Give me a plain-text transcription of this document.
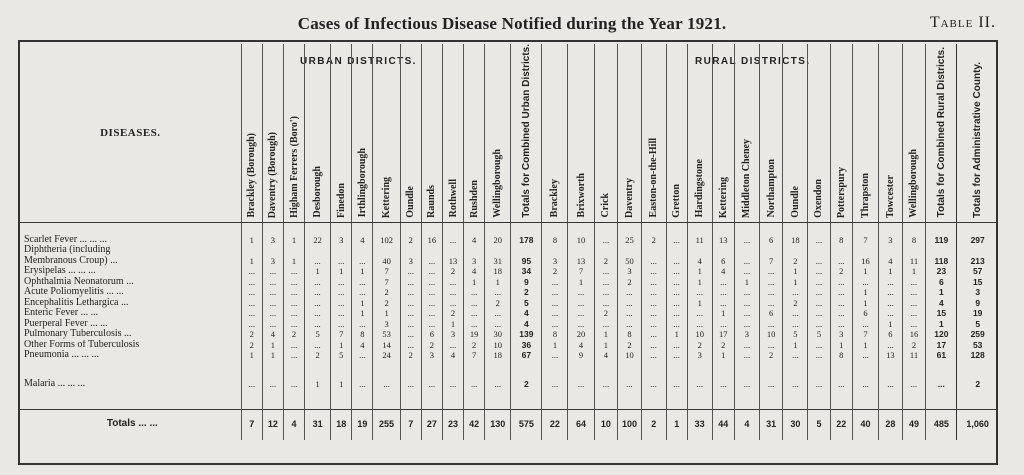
Cases of Infectious Disease Notified during the Year 1921.	Table II.
URBAN DISTRICTS.	RURAL DISTRICTS.
DISEASES.	Brackley (Borough)	Daventry (Borough)	Higham Ferrers (Boro')	Desborough	Finedon	Irthlingborough	Kettering	Oundle	Raunds	Rothwell	Rushden	Wellingborough	Totals for Combined Urban Districts.	Brackley	Brixworth	Crick	Daventry	Easton-on-the-Hill	Gretton	Hardingstone	Kettering	Middleton Cheney	Northampton	Oundle	Oxendon	Potterspury	Thrapston	Towcester	Wellingborough	Totals for Combined Rural Districts.	Totals for Administrative County.

Scarlet Fever ... ... ...	1	3	1	22	3	4	102	2	16	...	4	20	178	8	10	...	25	2	...	11	13	...	6	18	...	8	7	3	8	119	297
Diphtheria (including																															
Membranous Croup) ...	1	3	1	...	...	...	40	3	...	13	3	31	95	3	13	2	50	...	...	4	6	...	7	2	...	...	16	4	11	118	213
Erysipelas ... ... ...	...	...	...	1	1	1	7	...	...	2	4	18	34	2	7	...	3	...	...	1	4	...	...	1	...	2	1	1	1	23	57
Ophthalmia Neonatorum ...	...	...	...	...	...	...	7	...	...	...	1	1	9	...	1	...	2	...	...	1	...	1	...	1	...	...	...	...	...	6	15
Acute Poliomyelitis ... ...	...	...	...	...	...	...	2	...	...	...	...	...	2	...	...	...	...	...	...	...	...	...	...	...	...	...	1	...	...	1	3
Encephalitis Lethargica ...	...	...	...	...	...	1	2	...	...	...	...	2	5	...	...	...	...	...	...	1	...	...	...	2	...	...	1	...	...	4	9
Enteric Fever ... ...	...	...	...	...	...	1	1	...	...	2	...	...	4	...	...	2	...	...	...	...	1	...	6	...	...	...	6	...	...	15	19
Puerperal Fever ... ...	...	...	...	...	...	...	3	...	...	1	...	...	4	...	...	...	...	...	...	...	...	...	...	...	...	...	...	1	...	1	5
Pulmonary Tuberculosis ...	2	4	2	5	7	8	53	...	6	3	19	30	139	8	20	1	8	...	1	10	17	3	10	5	5	3	7	6	16	120	259
Other Forms of Tuberculosis	2	1	...	...	1	4	14	...	2	...	2	10	36	1	4	1	2	...	...	2	2	...	...	1	...	1	1	...	2	17	53
Pneumonia ... ... ...	1	1	...	2	5	...	24	2	3	4	7	18	67	...	9	4	10	...	...	3	1	...	2	...	...	8	...	13	11	61	128
Malaria ... ... ...	...	...	...	1	1	...	...	...	...	...	...	...	2	...	...	...	...	...	...	...	...	...	...	...	...	...	...	...	...	...	2
Totals ... ...	7	12	4	31	18	19	255	7	27	23	42	130	575	22	64	10	100	2	1	33	44	4	31	30	5	22	40	28	49	485	1,060
